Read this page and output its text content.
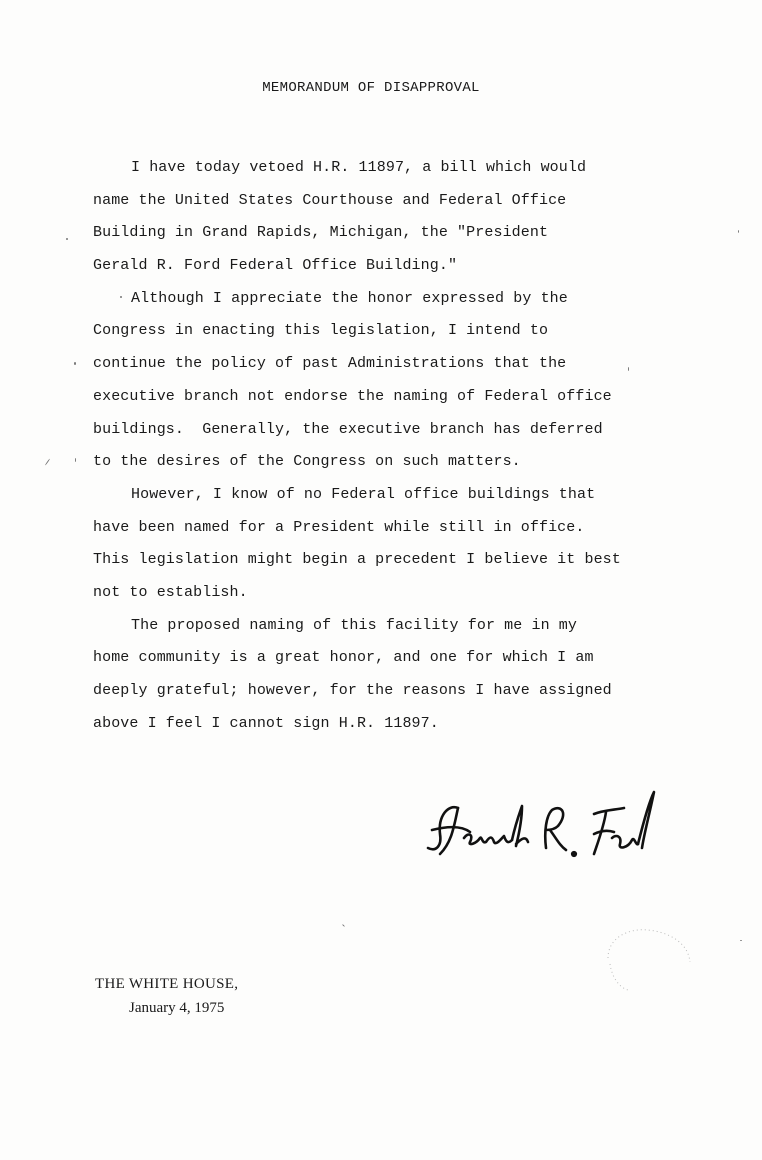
MEMORANDUM OF DISAPPROVAL
I have today vetoed H.R. 11897, a bill which would
name the United States Courthouse and Federal Office
Building in Grand Rapids, Michigan, the "President
Gerald R. Ford Federal Office Building."
Although I appreciate the honor expressed by the
Congress in enacting this legislation, I intend to
continue the policy of past Administrations that the
executive branch not endorse the naming of Federal office
buildings.  Generally, the executive branch has deferred
to the desires of the Congress on such matters.
However, I know of no Federal office buildings that
have been named for a President while still in office.
This legislation might begin a precedent I believe it best
not to establish.
The proposed naming of this facility for me in my
home community is a great honor, and one for which I am
deeply grateful; however, for the reasons I have assigned
above I feel I cannot sign H.R. 11897.
THE WHITE HOUSE,
January 4, 1975
